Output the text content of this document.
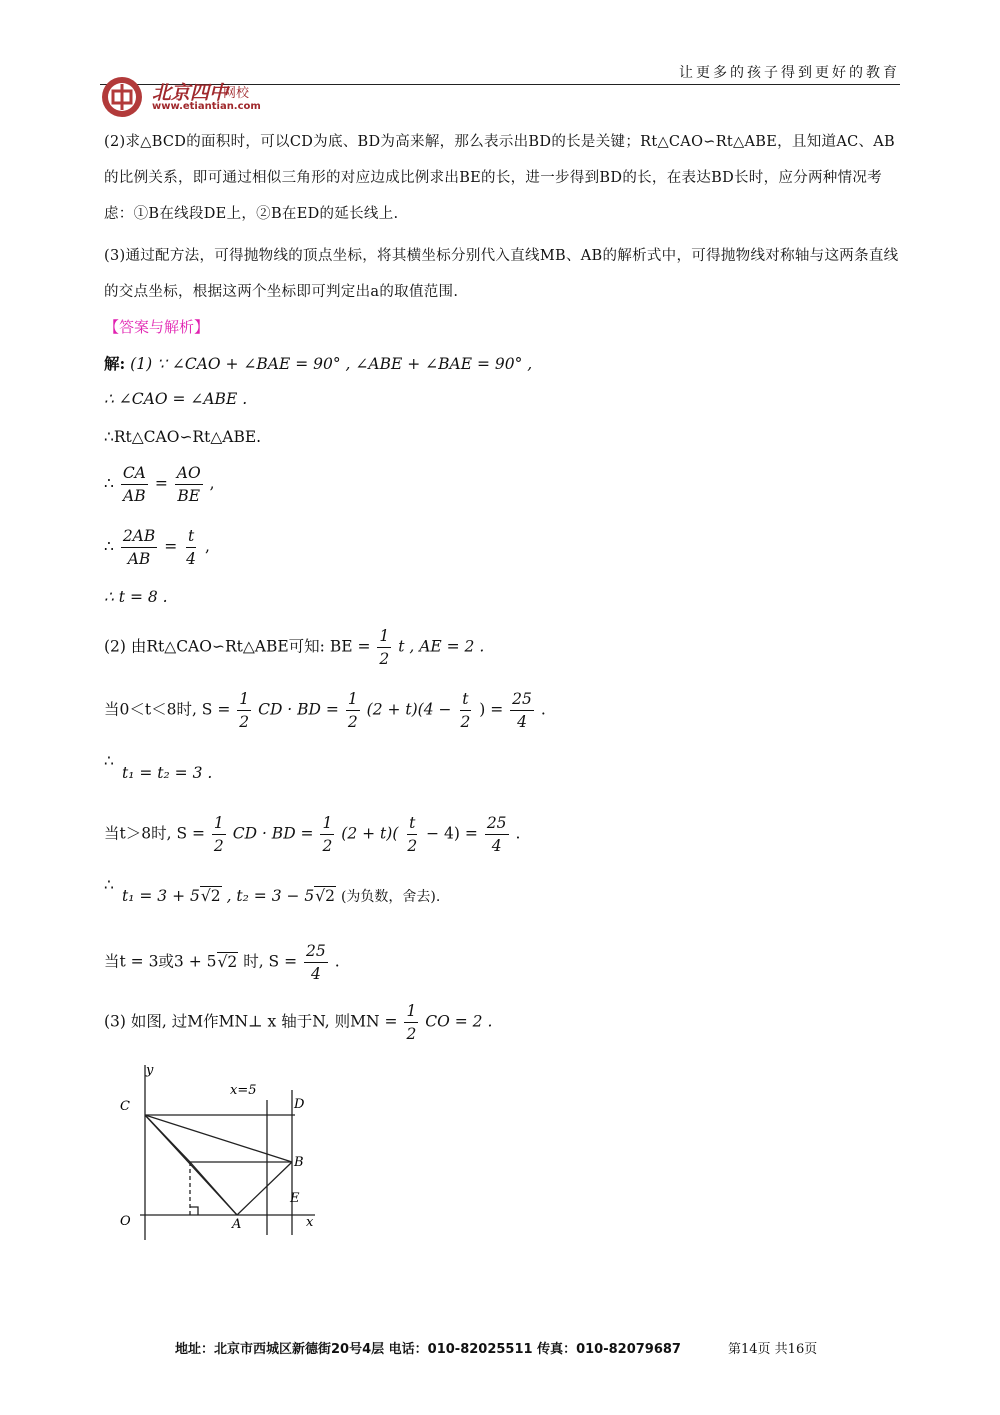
让更多的孩子得到更好的教育
北京四中
网校
www.etiantian.com
(2)求△BCD的面积时，可以CD为底、BD为高来解，那么表示出BD的长是关键；Rt△CAO∽Rt△ABE，且知道AC、AB的比例关系，即可通过相似三角形的对应边成比例求出BE的长，进一步得到BD的长，在表达BD长时，应分两种情况考虑：①B在线段DE上，②B在ED的延长线上.
(3)通过配方法，可得抛物线的顶点坐标，将其横坐标分别代入直线MB、AB的解析式中，可得抛物线对称轴与这两条直线的交点坐标，根据这两个坐标即可判定出a的取值范围.
【答案与解析】
解: (1) ∵ ∠CAO + ∠BAE = 90° , ∠ABE + ∠BAE = 90° ,
∴ ∠CAO = ∠ABE .
∴Rt△CAO∽Rt△ABE.
∴ $\frac{CA}{AB} = \frac{AO}{BE}$ ,
∴ $\frac{2AB}{AB} = \frac{t}{4}$ ,
∴ t = 8 .
(2) 由Rt△CAO∽Rt△ABE可知: BE = $\frac{1}{2}$ t , AE = 2 .
当0＜t＜8时, $S = \frac{1}{2}$ CD · BD = $\frac{1}{2} (2 + t)(4 - \frac{t}{2}$ ) = $\frac{25}{4}$ .
∴
t₁ = t₂ = 3 .
当t＞8时, $S = \frac{1}{2}$ CD · BD = $\frac{1}{2} (2 + t)( \frac{t}{2} - 4) = \frac{25}{4}$ .
∴
t₁ = 3 + 5√2 , t₂ = 3 − 5√2 (为负数，舍去).
当t = 3或3 + 5√2 时, $S = \frac{25}{4}$ .
(3) 如图, 过M作MN⊥ x 轴于N, 则MN = $\frac{1}{2}$ CO = 2 .
y
x
C
O	A
B
D
E
x=5
地址：北京市西城区新德街20号4层 电话：010-82025511 传真：010-82079687	第14页 共16页
